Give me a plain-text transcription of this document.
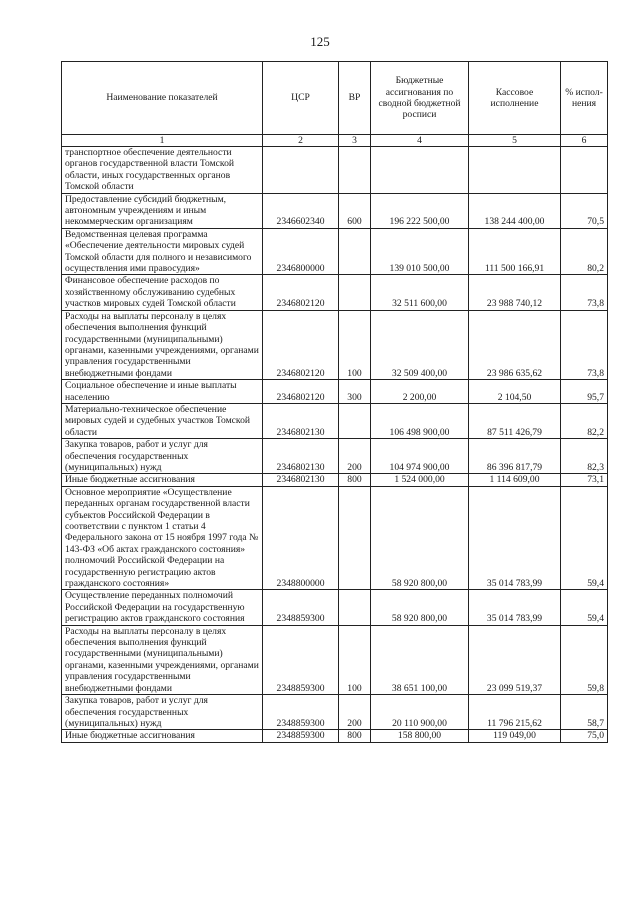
125
Наименование показателей	ЦСР	ВР	Бюджетные ассигнования по сводной бюджетной росписи	Кассовое исполнение	% испол-нения
1	2	3	4	5	6
транспортное обеспечение деятельности органов государственной власти Томской области, иных государственных органов Томской области					
Предоставление субсидий бюджетным, автономным учреждениям и иным некоммерческим организациям	2346602340	600	196 222 500,00	138 244 400,00	70,5
Ведомственная целевая программа «Обеспечение деятельности мировых судей Томской области для полного и независимого осуществления ими правосудия»	2346800000		139 010 500,00	111 500 166,91	80,2
Финансовое обеспечение расходов по хозяйственному обслуживанию судебных участков мировых судей Томской области	2346802120		32 511 600,00	23 988 740,12	73,8
Расходы на выплаты персоналу в целях обеспечения выполнения функций государственными (муниципальными) органами, казенными учреждениями, органами управления государственными внебюджетными фондами	2346802120	100	32 509 400,00	23 986 635,62	73,8
Социальное обеспечение и иные выплаты населению	2346802120	300	2 200,00	2 104,50	95,7
Материально-техническое обеспечение мировых судей и судебных участков Томской области	2346802130		106 498 900,00	87 511 426,79	82,2
Закупка товаров, работ и услуг для обеспечения государственных (муниципальных) нужд	2346802130	200	104 974 900,00	86 396 817,79	82,3
Иные бюджетные ассигнования	2346802130	800	1 524 000,00	1 114 609,00	73,1
Основное мероприятие «Осуществление переданных органам государственной власти субъектов Российской Федерации в соответствии с пунктом 1 статьи 4 Федерального закона от 15 ноября 1997 года № 143-ФЗ «Об актах гражданского состояния» полномочий Российской Федерации на государственную регистрацию актов гражданского состояния»	2348800000		58 920 800,00	35 014 783,99	59,4
Осуществление переданных полномочий Российской Федерации на государственную регистрацию актов гражданского состояния	2348859300		58 920 800,00	35 014 783,99	59,4
Расходы на выплаты персоналу в целях обеспечения выполнения функций государственными (муниципальными) органами, казенными учреждениями, органами управления государственными внебюджетными фондами	2348859300	100	38 651 100,00	23 099 519,37	59,8
Закупка товаров, работ и услуг для обеспечения государственных (муниципальных) нужд	2348859300	200	20 110 900,00	11 796 215,62	58,7
Иные бюджетные ассигнования	2348859300	800	158 800,00	119 049,00	75,0
